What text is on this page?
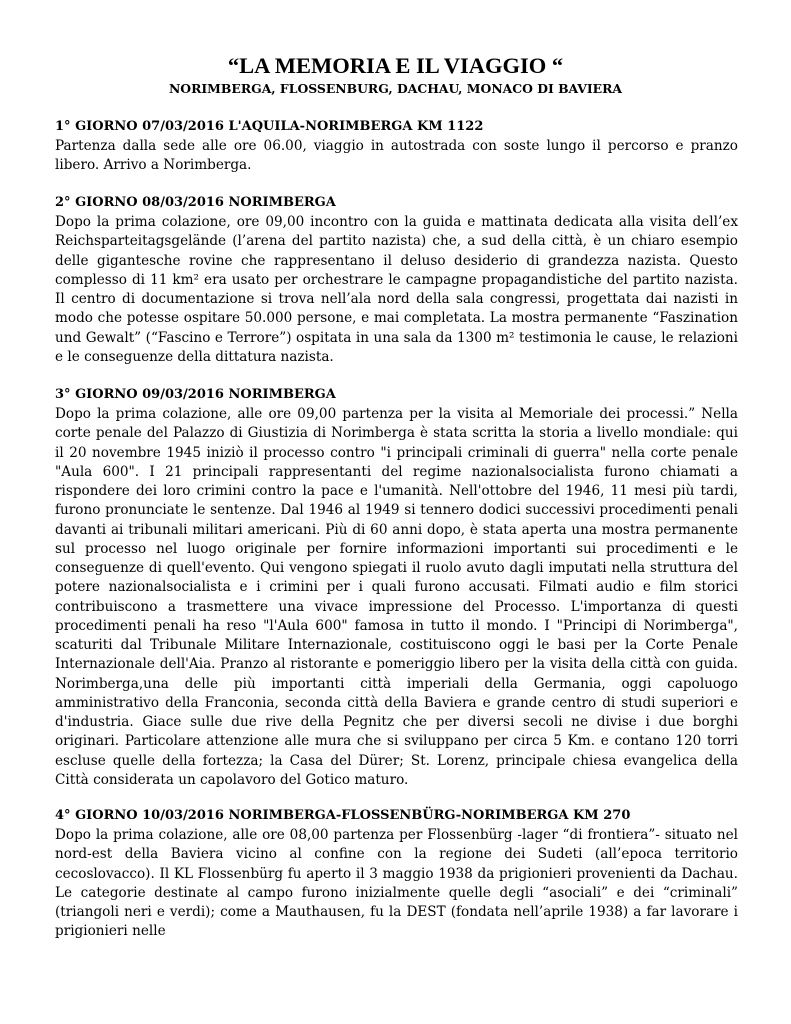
“LA MEMORIA E IL VIAGGIO “
NORIMBERGA, FLOSSENBURG, DACHAU, MONACO DI BAVIERA
1° GIORNO 07/03/2016 L'AQUILA-NORIMBERGA KM 1122

Partenza dalla sede alle ore 06.00, viaggio in autostrada con soste lungo il percorso e pranzo libero. Arrivo a Norimberga.

2° GIORNO 08/03/2016 NORIMBERGA

Dopo la prima colazione, ore 09,00 incontro con la guida e mattinata dedicata alla visita dell’ex Reichsparteitagsgelände (l’arena del partito nazista) che, a sud della città, è un chiaro esempio delle gigantesche rovine che rappresentano il deluso desiderio di grandezza nazista. Questo complesso di 11 km² era usato per orchestrare le campagne propagandistiche del partito nazista. Il centro di documentazione si trova nell’ala nord della sala congressi, progettata dai nazisti in modo che potesse ospitare 50.000 persone, e mai completata. La mostra permanente “Faszination und Gewalt” (“Fascino e Terrore”) ospitata in una sala da 1300 m² testimonia le cause, le relazioni e le conseguenze della dittatura nazista.

3° GIORNO 09/03/2016 NORIMBERGA

Dopo la prima colazione, alle ore 09,00 partenza per la visita al Memoriale dei processi.” Nella corte penale del Palazzo di Giustizia di Norimberga è stata scritta la storia a livello mondiale: qui il 20 novembre 1945 iniziò il processo contro "i principali criminali di guerra" nella corte penale "Aula 600". I 21 principali rappresentanti del regime nazionalsocialista furono chiamati a rispondere dei loro crimini contro la pace e l'umanità. Nell'ottobre del 1946, 11 mesi più tardi, furono pronunciate le sentenze. Dal 1946 al 1949 si tennero dodici successivi procedimenti penali davanti ai tribunali militari americani. Più di 60 anni dopo, è stata aperta una mostra permanente sul processo nel luogo originale per fornire informazioni importanti sui procedimenti e le conseguenze di quell'evento. Qui vengono spiegati il ruolo avuto dagli imputati nella struttura del potere nazionalsocialista e i crimini per i quali furono accusati. Filmati audio e film storici contribuiscono a trasmettere una vivace impressione del Processo. L'importanza di questi procedimenti penali ha reso "l'Aula 600" famosa in tutto il mondo. I "Principi di Norimberga", scaturiti dal Tribunale Militare Internazionale, costituiscono oggi le basi per la Corte Penale Internazionale dell'Aia. Pranzo al ristorante e pomeriggio libero per la visita della città con guida. Norimberga,una delle più importanti città imperiali della Germania, oggi capoluogo amministrativo della Franconia, seconda città della Baviera e grande centro di studi superiori e d'industria. Giace sulle due rive della Pegnitz che per diversi secoli ne divise i due borghi originari. Particolare attenzione alle mura che si sviluppano per circa 5 Km. e contano 120 torri escluse quelle della fortezza; la Casa del Dürer; St. Lorenz, principale chiesa evangelica della Città considerata un capolavoro del Gotico maturo.

4° GIORNO 10/03/2016 NORIMBERGA-FLOSSENBÜRG-NORIMBERGA KM 270

Dopo la prima colazione, alle ore 08,00 partenza per Flossenbürg -lager “di frontiera”- situato nel nord-est della Baviera vicino al confine con la regione dei Sudeti (all’epoca territorio cecoslovacco). Il KL Flossenbürg fu aperto il 3 maggio 1938 da prigionieri provenienti da Dachau. Le categorie destinate al campo furono inizialmente quelle degli “asociali” e dei “criminali” (triangoli neri e verdi); come a Mauthausen, fu la DEST (fondata nell’aprile 1938) a far lavorare i prigionieri nelle
